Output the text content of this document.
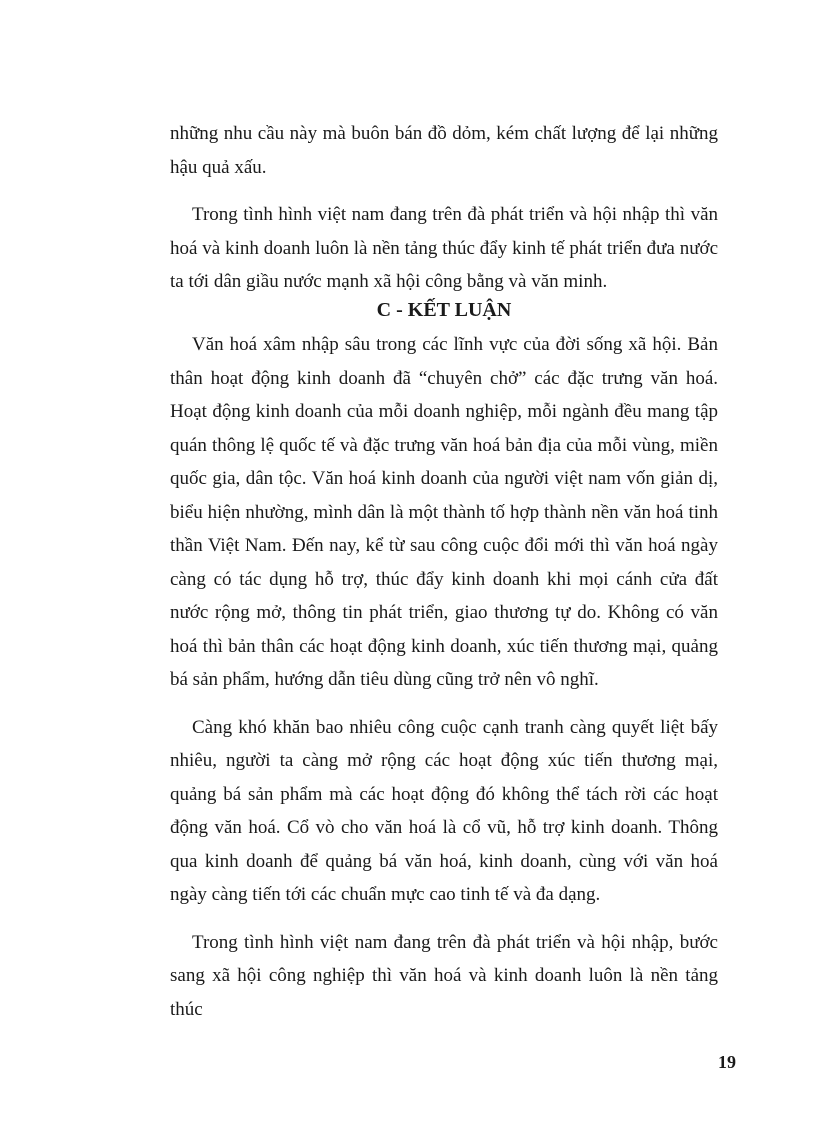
những nhu cầu này mà buôn bán đồ dỏm, kém chất lượng để lại những hậu quả xấu.

Trong tình hình việt nam đang trên đà phát triển và hội nhập thì văn hoá và kinh doanh luôn là nền tảng thúc đẩy kinh tế phát triển đưa nước ta tới dân giầu nước mạnh xã hội công bằng và văn minh.

C - KẾT LUẬN

Văn hoá xâm nhập sâu trong các lĩnh vực của đời sống xã hội. Bản thân hoạt động kinh doanh đã “chuyên chở” các đặc trưng văn hoá. Hoạt động kinh doanh của mỗi doanh nghiệp, mỗi ngành đều mang tập quán thông lệ quốc tế và đặc trưng văn hoá bản địa của mỗi vùng, miền quốc gia, dân tộc. Văn hoá kinh doanh của người việt nam vốn giản dị, biểu hiện nhường, mình dân là một thành tố hợp thành nền văn hoá tinh thần Việt Nam. Đến nay, kể từ sau công cuộc đổi mới thì văn hoá ngày càng có tác dụng hỗ trợ, thúc đẩy kinh doanh khi mọi cánh cửa đất nước rộng mở, thông tin phát triển, giao thương tự do. Không có văn hoá thì bản thân các hoạt động kinh doanh, xúc tiến thương mại, quảng bá sản phẩm, hướng dẫn tiêu dùng cũng trở nên vô nghĩ.

Càng khó khăn bao nhiêu công cuộc cạnh tranh càng quyết liệt bấy nhiêu, người ta càng mở rộng các hoạt động xúc tiến thương mại, quảng bá sản phẩm mà các hoạt động đó không thể tách rời các hoạt động văn hoá. Cổ vò cho văn hoá là cổ vũ, hỗ trợ kinh doanh. Thông qua kinh doanh để quảng bá văn hoá, kinh doanh, cùng với văn hoá ngày càng tiến tới các chuẩn mực cao tinh tế và đa dạng.

Trong tình hình việt nam đang trên đà phát triển và hội nhập, bước sang xã hội công nghiệp thì văn hoá và kinh doanh luôn là nền tảng thúc

19
